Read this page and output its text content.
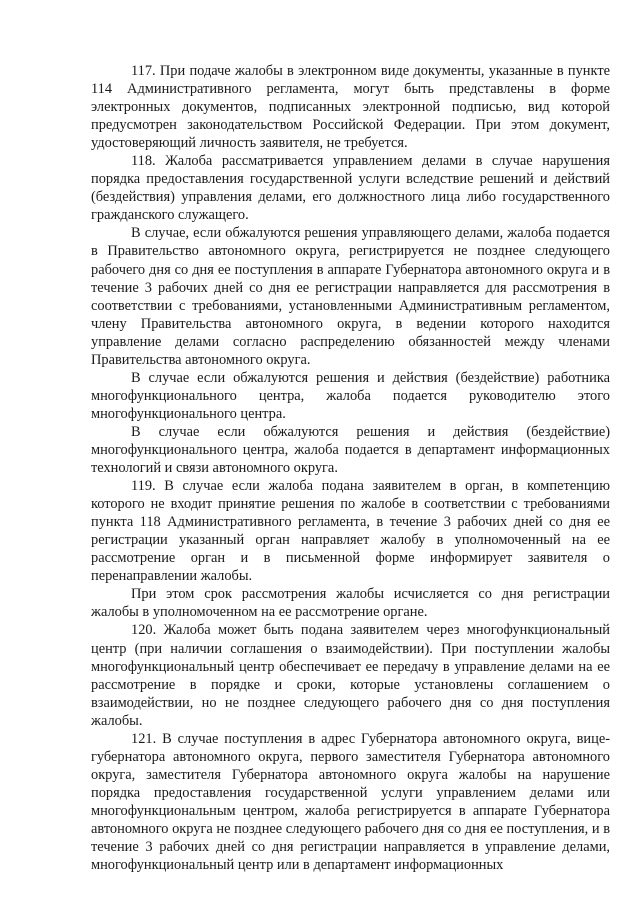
117. При подаче жалобы в электронном виде документы, указанные в пункте 114 Административного регламента, могут быть представлены в форме электронных документов, подписанных электронной подписью, вид которой предусмотрен законодательством Российской Федерации. При этом документ, удостоверяющий личность заявителя, не требуется.

118. Жалоба рассматривается управлением делами в случае нарушения порядка предоставления государственной услуги вследствие решений и действий (бездействия) управления делами, его должностного лица либо государственного гражданского служащего.

В случае, если обжалуются решения управляющего делами, жалоба подается в Правительство автономного округа, регистрируется не позднее следующего рабочего дня со дня ее поступления в аппарате Губернатора автономного округа и в течение 3 рабочих дней со дня ее регистрации направляется для рассмотрения в соответствии с требованиями, установленными Административным регламентом, члену Правительства автономного округа, в ведении которого находится управление делами согласно распределению обязанностей между членами Правительства автономного округа.

В случае если обжалуются решения и действия (бездействие) работника многофункционального центра, жалоба подается руководителю этого многофункционального центра.

В случае если обжалуются решения и действия (бездействие) многофункционального центра, жалоба подается в департамент информационных технологий и связи автономного округа.

119. В случае если жалоба подана заявителем в орган, в компетенцию которого не входит принятие решения по жалобе в соответствии с требованиями пункта 118 Административного регламента, в течение 3 рабочих дней со дня ее регистрации указанный орган направляет жалобу в уполномоченный на ее рассмотрение орган и в письменной форме информирует заявителя о перенаправлении жалобы.

При этом срок рассмотрения жалобы исчисляется со дня регистрации жалобы в уполномоченном на ее рассмотрение органе.

120. Жалоба может быть подана заявителем через многофункциональный центр (при наличии соглашения о взаимодействии). При поступлении жалобы многофункциональный центр обеспечивает ее передачу в управление делами на ее рассмотрение в порядке и сроки, которые установлены соглашением о взаимодействии, но не позднее следующего рабочего дня со дня поступления жалобы.

121. В случае поступления в адрес Губернатора автономного округа, вице-губернатора автономного округа, первого заместителя Губернатора автономного округа, заместителя Губернатора автономного округа жалобы на нарушение порядка предоставления государственной услуги управлением делами или многофункциональным центром, жалоба регистрируется в аппарате Губернатора автономного округа не позднее следующего рабочего дня со дня ее поступления, и в течение 3 рабочих дней со дня регистрации направляется в управление делами, многофункциональный центр или в департамент информационных
